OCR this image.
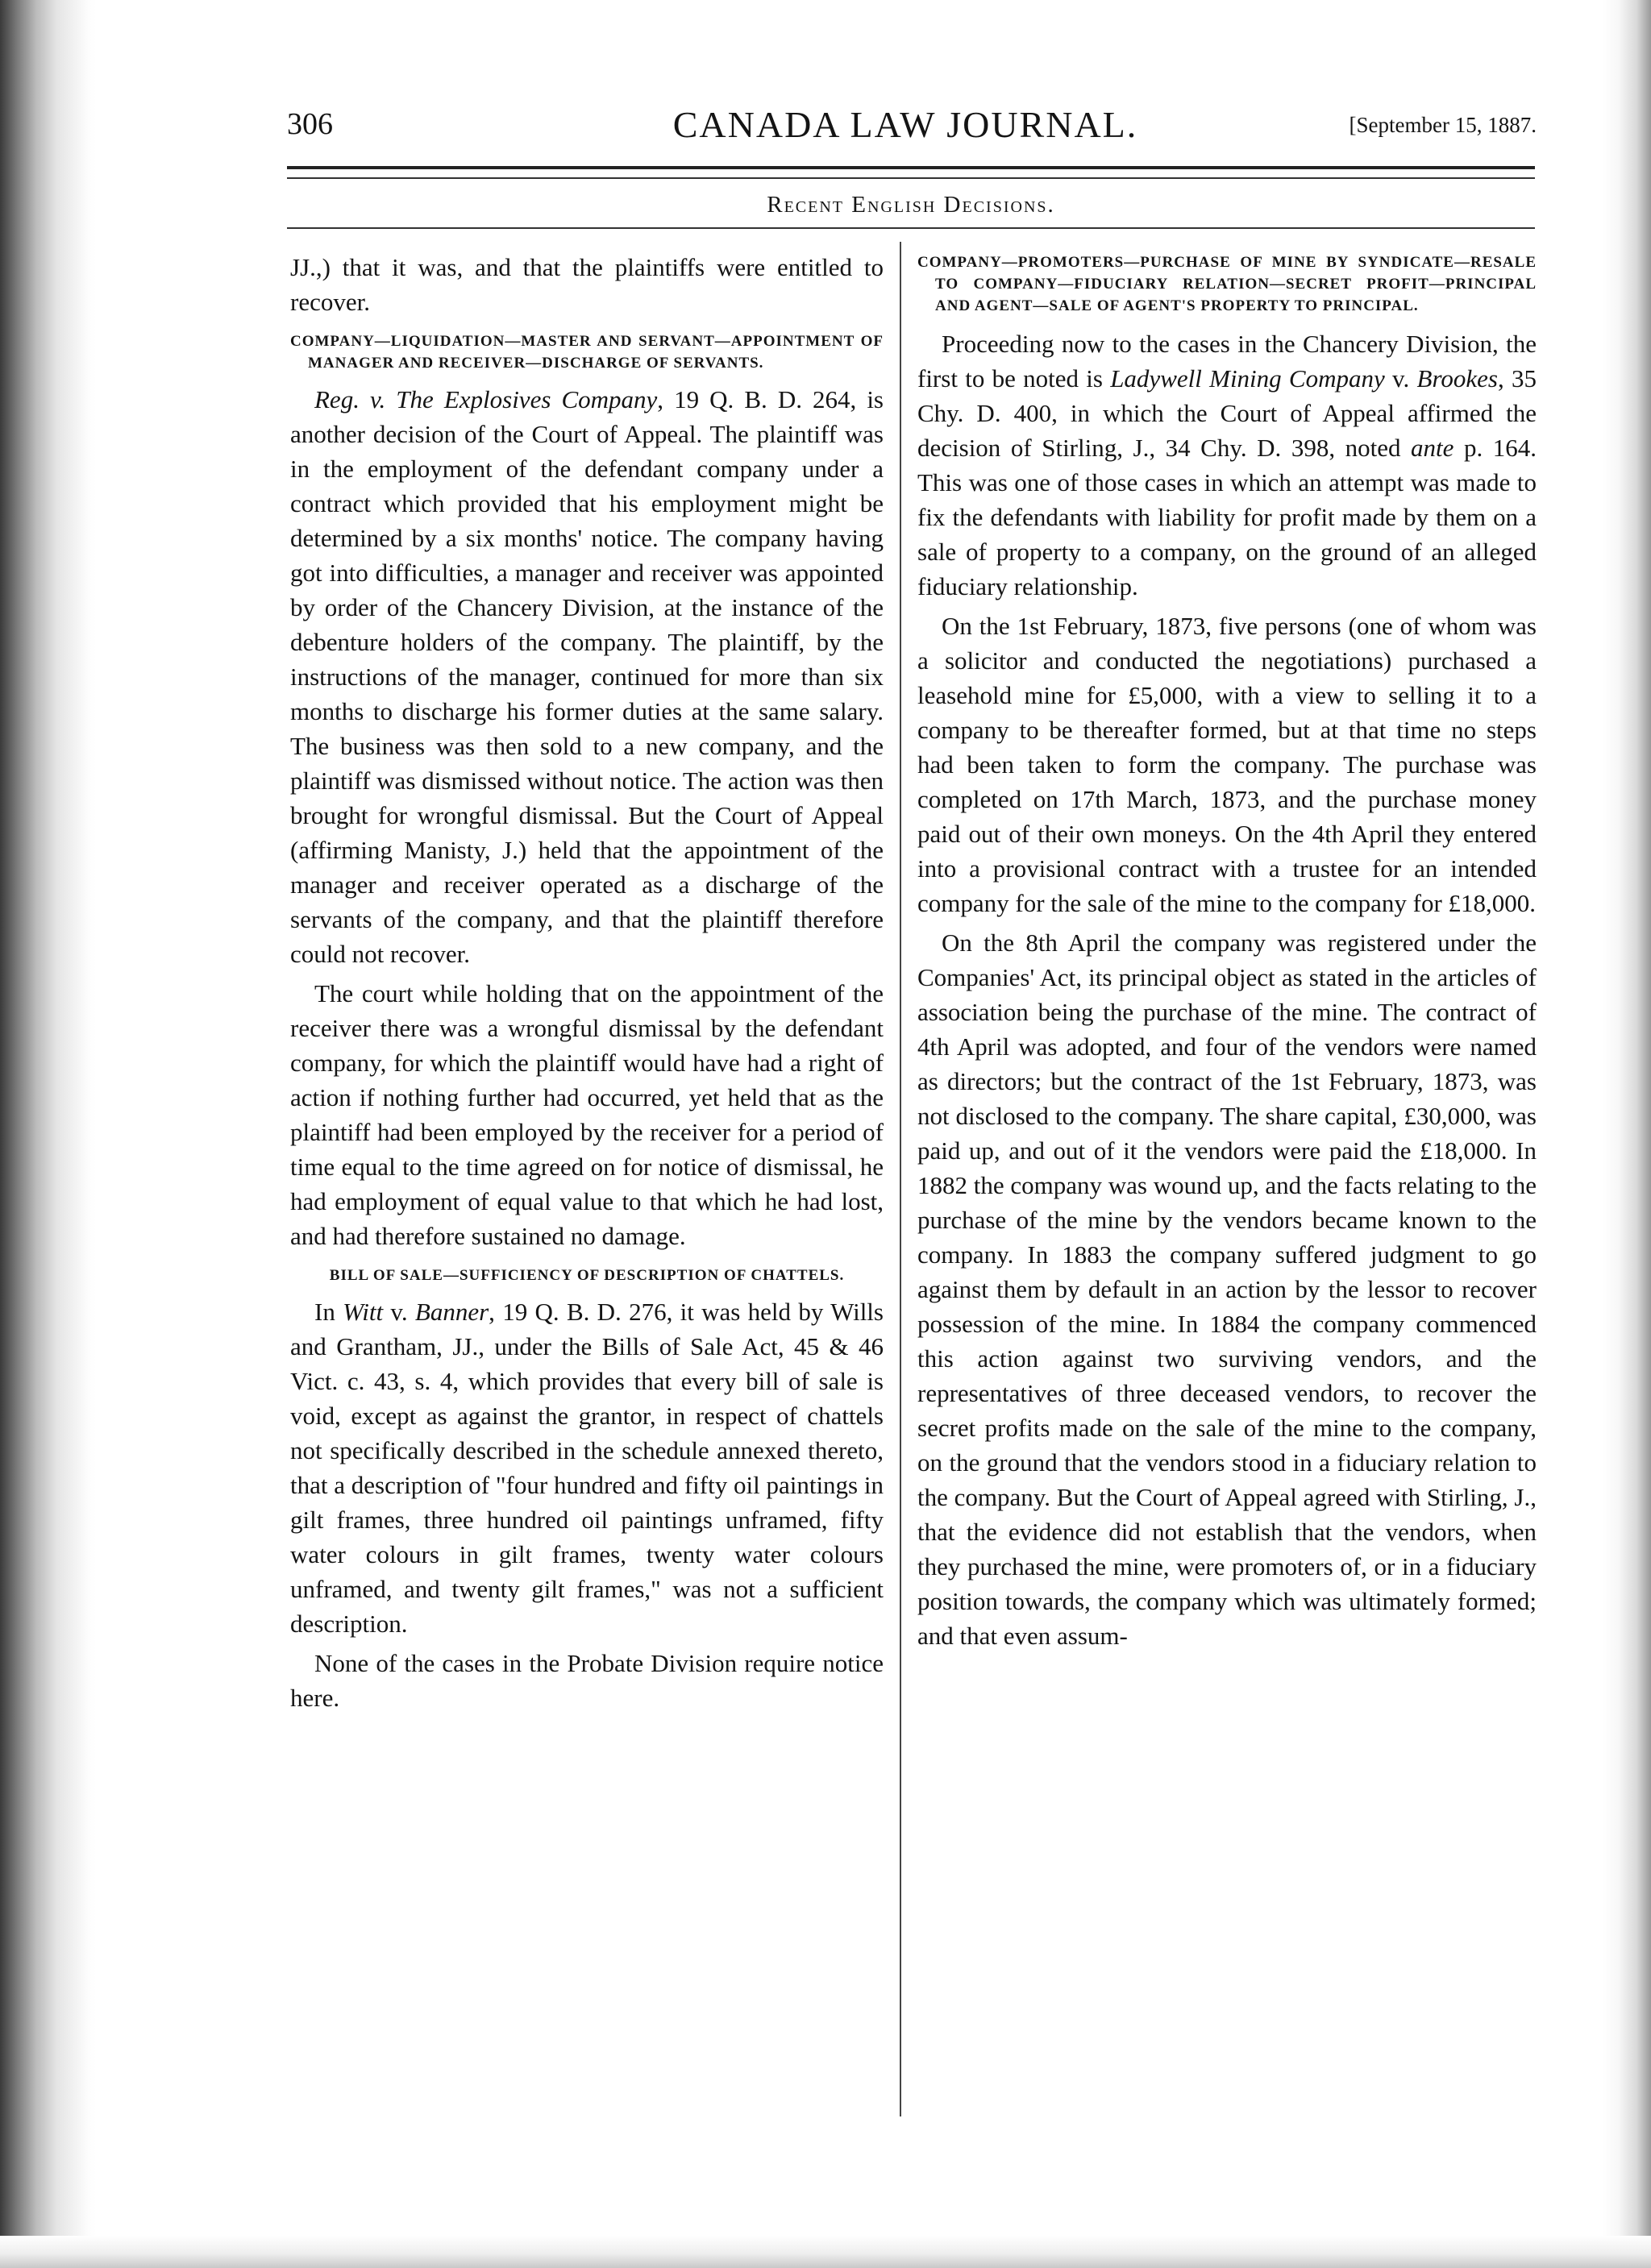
306	CANADA LAW JOURNAL.	[September 15, 1887.
Recent English Decisions.

JJ.,) that it was, and that the plaintiffs were entitled to recover.

COMPANY—LIQUIDATION—MASTER AND SERVANT—APPOINTMENT OF MANAGER AND RECEIVER—DISCHARGE OF SERVANTS.

Reg. v. The Explosives Company, 19 Q. B. D. 264, is another decision of the Court of Appeal. The plaintiff was in the employment of the defendant company under a contract which provided that his employment might be determined by a six months' notice. The company having got into difficulties, a manager and receiver was appointed by order of the Chancery Division, at the instance of the debenture holders of the company. The plaintiff, by the instructions of the manager, continued for more than six months to discharge his former duties at the same salary. The business was then sold to a new company, and the plaintiff was dismissed without notice. The action was then brought for wrongful dismissal. But the Court of Appeal (affirming Manisty, J.) held that the appointment of the manager and receiver operated as a discharge of the servants of the company, and that the plaintiff therefore could not recover.

The court while holding that on the appointment of the receiver there was a wrongful dismissal by the defendant company, for which the plaintiff would have had a right of action if nothing further had occurred, yet held that as the plaintiff had been employed by the receiver for a period of time equal to the time agreed on for notice of dismissal, he had employment of equal value to that which he had lost, and had therefore sustained no damage.

BILL OF SALE—SUFFICIENCY OF DESCRIPTION OF CHATTELS.

In Witt v. Banner, 19 Q. B. D. 276, it was held by Wills and Grantham, JJ., under the Bills of Sale Act, 45 & 46 Vict. c. 43, s. 4, which provides that every bill of sale is void, except as against the grantor, in respect of chattels not specifically described in the schedule annexed thereto, that a description of "four hundred and fifty oil paintings in gilt frames, three hundred oil paintings unframed, fifty water colours in gilt frames, twenty water colours unframed, and twenty gilt frames," was not a sufficient description.

None of the cases in the Probate Division require notice here.

COMPANY—PROMOTERS—PURCHASE OF MINE BY SYNDICATE—RESALE TO COMPANY—FIDUCIARY RELATION—SECRET PROFIT—PRINCIPAL AND AGENT—SALE OF AGENT'S PROPERTY TO PRINCIPAL.

Proceeding now to the cases in the Chancery Division, the first to be noted is Ladywell Mining Company v. Brookes, 35 Chy. D. 400, in which the Court of Appeal affirmed the decision of Stirling, J., 34 Chy. D. 398, noted ante p. 164. This was one of those cases in which an attempt was made to fix the defendants with liability for profit made by them on a sale of property to a company, on the ground of an alleged fiduciary relationship.

On the 1st February, 1873, five persons (one of whom was a solicitor and conducted the negotiations) purchased a leasehold mine for £5,000, with a view to selling it to a company to be thereafter formed, but at that time no steps had been taken to form the company. The purchase was completed on 17th March, 1873, and the purchase money paid out of their own moneys. On the 4th April they entered into a provisional contract with a trustee for an intended company for the sale of the mine to the company for £18,000.

On the 8th April the company was registered under the Companies' Act, its principal object as stated in the articles of association being the purchase of the mine. The contract of 4th April was adopted, and four of the vendors were named as directors; but the contract of the 1st February, 1873, was not disclosed to the company. The share capital, £30,000, was paid up, and out of it the vendors were paid the £18,000. In 1882 the company was wound up, and the facts relating to the purchase of the mine by the vendors became known to the company. In 1883 the company suffered judgment to go against them by default in an action by the lessor to recover possession of the mine. In 1884 the company commenced this action against two surviving vendors, and the representatives of three deceased vendors, to recover the secret profits made on the sale of the mine to the company, on the ground that the vendors stood in a fiduciary relation to the company. But the Court of Appeal agreed with Stirling, J., that the evidence did not establish that the vendors, when they purchased the mine, were promoters of, or in a fiduciary position towards, the company which was ultimately formed; and that even assum-
